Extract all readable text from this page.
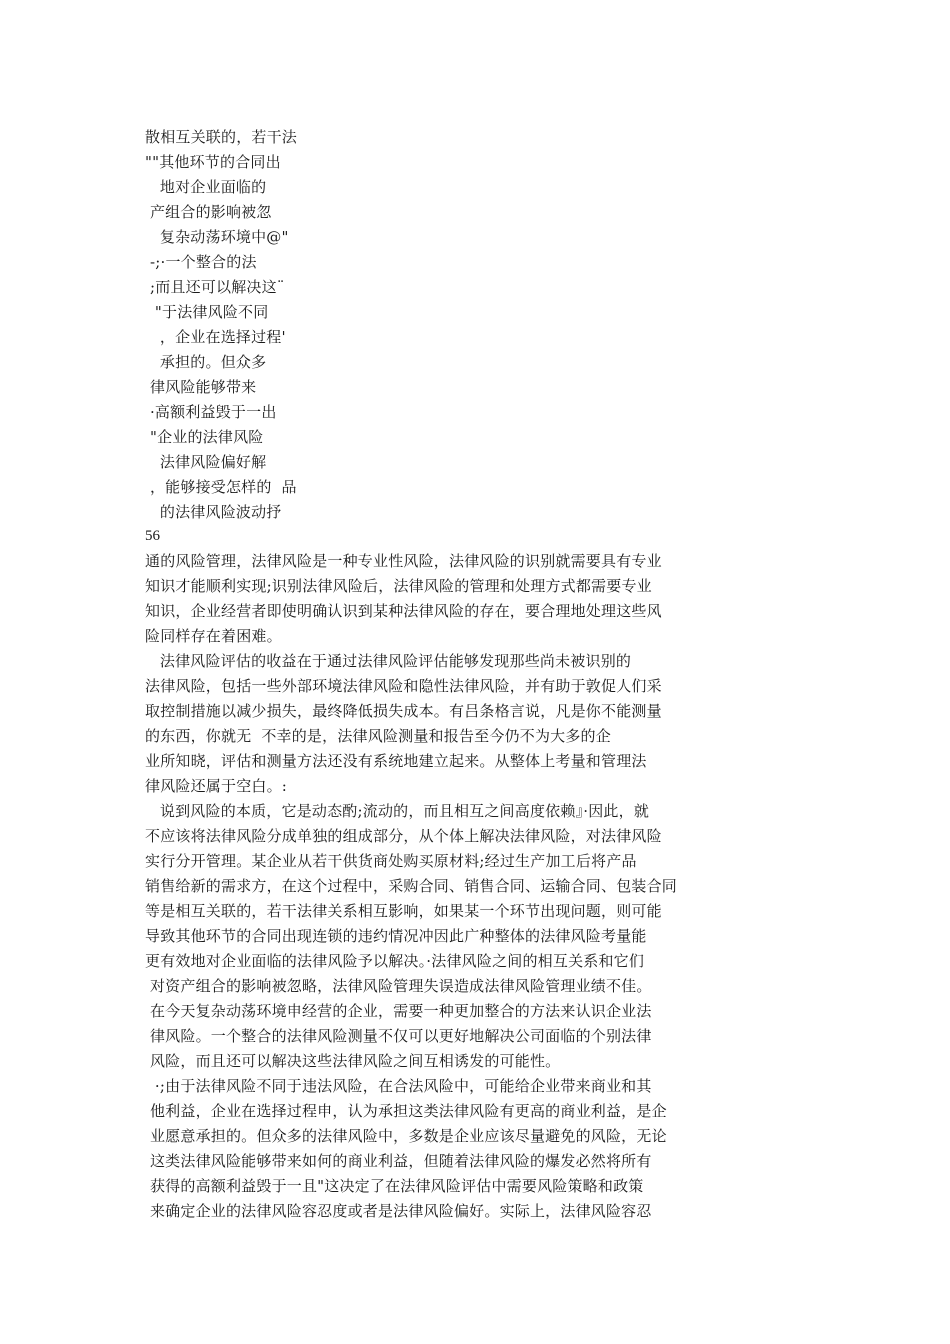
散相互关联的，若干法
""其他环节的合同出
地对企业面临的
产组合的影响被忽
复杂动荡环境中@"
-;·一个整合的法
;而且还可以解决这¨
"于法律风险不同
，企业在选择过程'
承担的。但众多
律风险能够带来
·高额利益毁于一出
"企业的法律风险
法律风险偏好解
，能够接受怎样的  品
的法律风险波动抒
56
通的风险管理，法律风险是一种专业性风险，法律风险的识别就需要具有专业
知识才能顺利实现;识别法律风险后，法律风险的管理和处理方式都需要专业
知识，企业经营者即使明确认识到某种法律风险的存在，要合理地处理这些风
险同样存在着困难。
法律风险评估的收益在于通过法律风险评估能够发现那些尚未被识别的
法律风险，包括一些外部环境法律风险和隐性法律风险，并有助于敦促人们采
取控制措施以减少损失，最终降低损失成本。有吕条格言说，凡是你不能测量
的东西，你就无  不幸的是，法律风险测量和报告至今仍不为大多的企
业所知晓，评估和测量方法还没有系统地建立起来。从整体上考量和管理法
律风险还属于空白。:
说到风险的本质，它是动态酌;流动的，而且相互之间高度依赖』·因此，就
不应该将法律风险分成单独的组成部分，从个体上解决法律风险，对法律风险
实行分开管理。某企业从若干供货商处购买原材料;经过生产加工后将产品
销售给新的需求方，在这个过程中，采购合同、销售合同、运输合同、包装合同
等是相互关联的，若干法律关系相互影响，如果某一个环节出现问题，则可能
导致其他环节的合同出现连锁的违约情况冲因此广种整体的法律风险考量能
更有效地对企业面临的法律风险予以解决。·法律风险之间的相互关系和它们
对资产组合的影响被忽略，法律风险管理失误造成法律风险管理业绩不佳。
在今天复杂动荡环境申经营的企业，需要一种更加整合的方法来认识企业法
律风险。一个整合的法律风险测量不仅可以更好地解决公司面临的个别法律
风险，而且还可以解决这些法律风险之间互相诱发的可能性。
·;由于法律风险不同于违法风险，在合法风险中，可能给企业带来商业和其
他利益，企业在选择过程申，认为承担这类法律风险有更高的商业利益，是企
业愿意承担的。但众多的法律风险中，多数是企业应该尽量避免的风险，无论
这类法律风险能够带来如何的商业利益，但随着法律风险的爆发必然将所有
获得的高额利益毁于一且"这决定了在法律风险评估中需要风险策略和政策
来确定企业的法律风险容忍度或者是法律风险偏好。实际上，法律风险容忍
